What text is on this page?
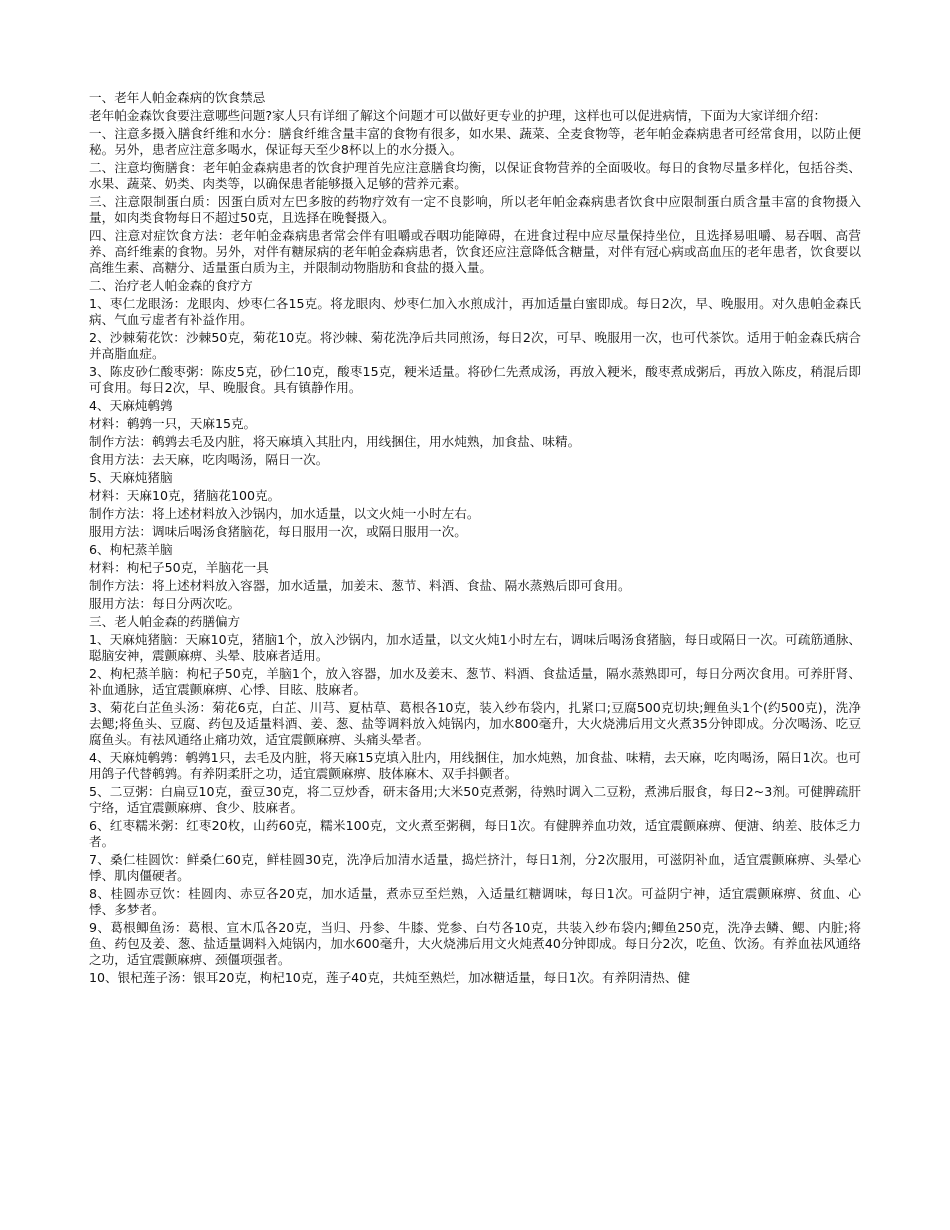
一、老年人帕金森病的饮食禁忌

老年帕金森饮食要注意哪些问题?家人只有详细了解这个问题才可以做好更专业的护理，这样也可以促进病情，下面为大家详细介绍：

一、注意多摄入膳食纤维和水分：膳食纤维含量丰富的食物有很多，如水果、蔬菜、全麦食物等，老年帕金森病患者可经常食用，以防止便秘。另外，患者应注意多喝水，保证每天至少8杯以上的水分摄入。

二、注意均衡膳食：老年帕金森病患者的饮食护理首先应注意膳食均衡，以保证食物营养的全面吸收。每日的食物尽量多样化，包括谷类、水果、蔬菜、奶类、肉类等，以确保患者能够摄入足够的营养元素。

三、注意限制蛋白质：因蛋白质对左巴多胺的药物疗效有一定不良影响，所以老年帕金森病患者饮食中应限制蛋白质含量丰富的食物摄入量，如肉类食物每日不超过50克，且选择在晚餐摄入。

四、注意对症饮食方法：老年帕金森病患者常会伴有咀嚼或吞咽功能障碍，在进食过程中应尽量保持坐位，且选择易咀嚼、易吞咽、高营养、高纤维素的食物。另外，对伴有糖尿病的老年帕金森病患者，饮食还应注意降低含糖量，对伴有冠心病或高血压的老年患者，饮食要以高维生素、高糖分、适量蛋白质为主，并限制动物脂肪和食盐的摄入量。

二、治疗老人帕金森的食疗方

1、枣仁龙眼汤：龙眼肉、炒枣仁各15克。将龙眼肉、炒枣仁加入水煎成汁，再加适量白蜜即成。每日2次，早、晚服用。对久患帕金森氏病、气血亏虚者有补益作用。

2、沙棘菊花饮：沙棘50克，菊花10克。将沙棘、菊花洗净后共同煎汤，每日2次，可早、晚服用一次，也可代茶饮。适用于帕金森氏病合并高脂血症。

3、陈皮砂仁酸枣粥：陈皮5克，砂仁10克，酸枣15克，粳米适量。将砂仁先煮成汤，再放入粳米，酸枣煮成粥后，再放入陈皮，稍混后即可食用。每日2次，早、晚服食。具有镇静作用。

4、天麻炖鹌鹑

材料：鹌鹑一只，天麻15克。

制作方法：鹌鹑去毛及内脏，将天麻填入其肚内，用线捆住，用水炖熟，加食盐、味精。

食用方法：去天麻，吃肉喝汤，隔日一次。

5、天麻炖猪脑

材料：天麻10克，猪脑花100克。

制作方法：将上述材料放入沙锅内，加水适量，以文火炖一小时左右。

服用方法：调味后喝汤食猪脑花，每日服用一次，或隔日服用一次。

6、枸杞蒸羊脑

材料：枸杞子50克，羊脑花一具

制作方法：将上述材料放入容器，加水适量，加姜末、葱节、料酒、食盐、隔水蒸熟后即可食用。

服用方法：每日分两次吃。

三、老人帕金森的药膳偏方

1、天麻炖猪脑：天麻10克，猪脑1个，放入沙锅内，加水适量，以文火炖1小时左右，调味后喝汤食猪脑，每日或隔日一次。可疏筋通脉、聪脑安神，震颤麻痹、头晕、肢麻者适用。

2、枸杞蒸羊脑：枸杞子50克，羊脑1个，放入容器，加水及姜末、葱节、料酒、食盐适量，隔水蒸熟即可，每日分两次食用。可养肝肾、补血通脉，适宜震颤麻痹、心悸、目眩、肢麻者。

3、菊花白芷鱼头汤：菊花6克，白芷、川芎、夏枯草、葛根各10克，装入纱布袋内，扎紧口;豆腐500克切块;鲤鱼头1个(约500克)，洗净去鳃;将鱼头、豆腐、药包及适量料酒、姜、葱、盐等调料放入炖锅内，加水800毫升，大火烧沸后用文火煮35分钟即成。分次喝汤、吃豆腐鱼头。有祛风通络止痛功效，适宜震颤麻痹、头痛头晕者。

4、天麻炖鹌鹑：鹌鹑1只，去毛及内脏，将天麻15克填入肚内，用线捆住，加水炖熟，加食盐、味精，去天麻，吃肉喝汤，隔日1次。也可用鸽子代替鹌鹑。有养阴柔肝之功，适宜震颤麻痹、肢体麻木、双手抖颤者。

5、二豆粥：白扁豆10克，蚕豆30克，将二豆炒香，研末备用;大米50克煮粥，待熟时调入二豆粉，煮沸后服食，每日2~3剂。可健脾疏肝宁络，适宜震颤麻痹、食少、肢麻者。

6、红枣糯米粥：红枣20枚，山药60克，糯米100克，文火煮至粥稠，每日1次。有健脾养血功效，适宜震颤麻痹、便溏、纳差、肢体乏力者。

7、桑仁桂圆饮：鲜桑仁60克，鲜桂圆30克，洗净后加清水适量，捣烂挤汁，每日1剂，分2次服用，可滋阴补血，适宜震颤麻痹、头晕心悸、肌肉僵硬者。

8、桂圆赤豆饮：桂圆肉、赤豆各20克，加水适量，煮赤豆至烂熟，入适量红糖调味，每日1次。可益阴宁神，适宜震颤麻痹、贫血、心悸、多梦者。

9、葛根鲫鱼汤：葛根、宣木瓜各20克，当归、丹参、牛膝、党参、白芍各10克，共装入纱布袋内;鲫鱼250克，洗净去鳞、鳃、内脏;将鱼、药包及姜、葱、盐适量调料入炖锅内，加水600毫升，大火烧沸后用文火炖煮40分钟即成。每日分2次，吃鱼、饮汤。有养血祛风通络之功，适宜震颤麻痹、颈僵项强者。

10、银杞莲子汤：银耳20克，枸杞10克，莲子40克，共炖至熟烂，加冰糖适量，每日1次。有养阴清热、健
